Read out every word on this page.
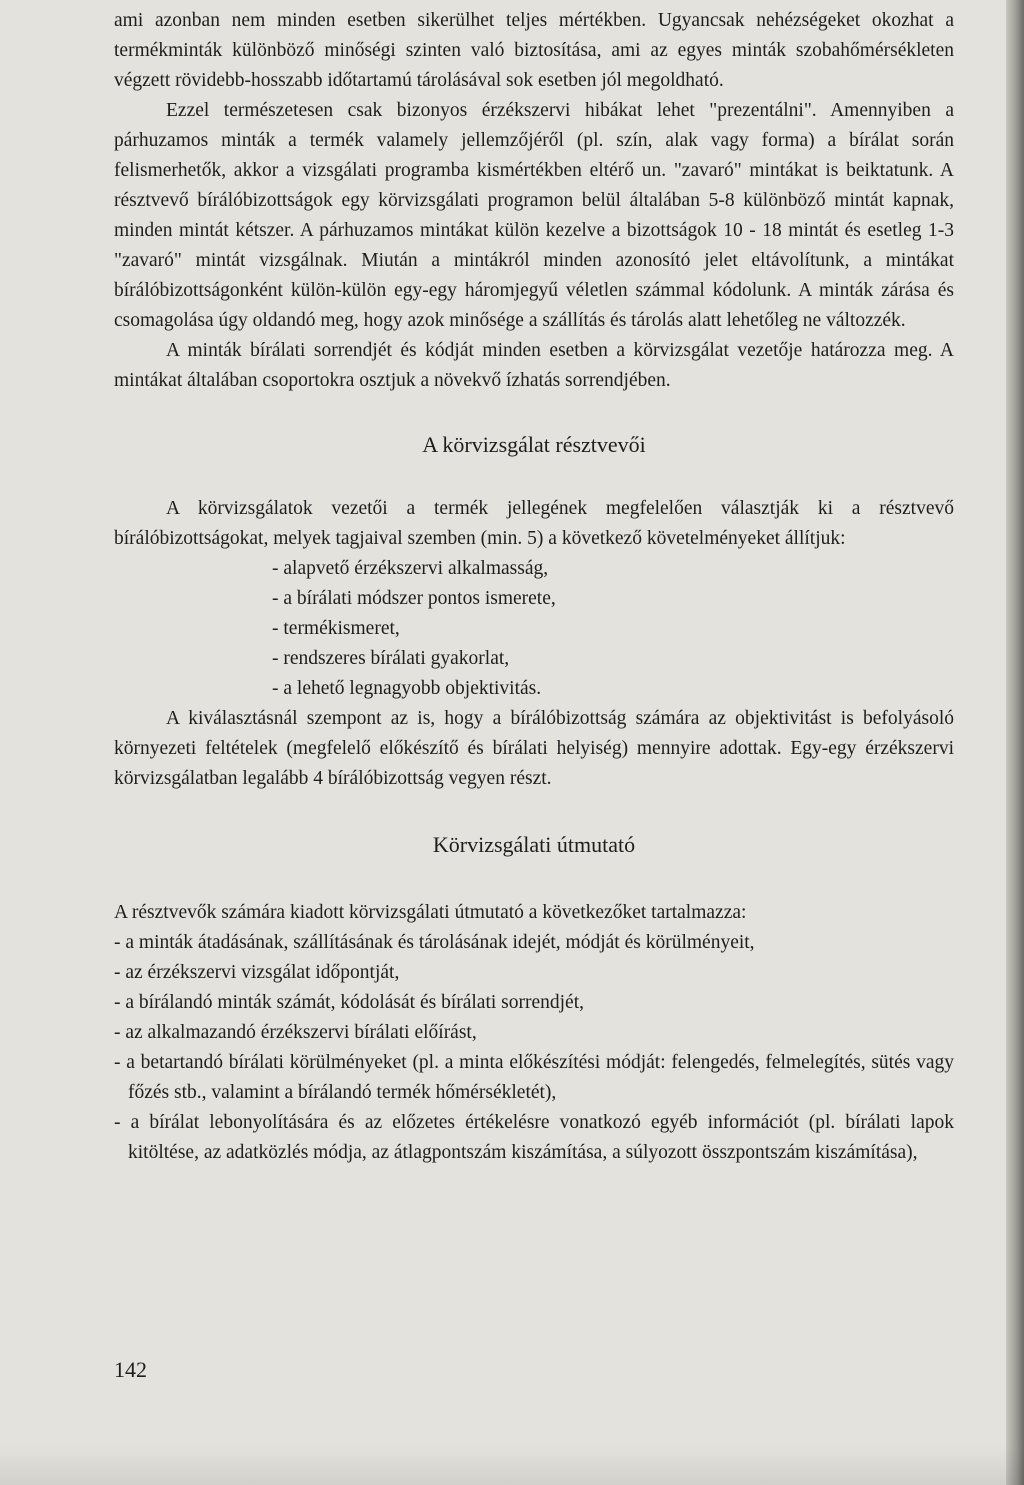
ami azonban nem minden esetben sikerülhet teljes mértékben. Ugyancsak nehézségeket okozhat a termékminták különböző minőségi szinten való biztosítása, ami az egyes minták szobahőmérsékleten végzett rövidebb-hosszabb időtartamú tárolásával sok esetben jól megoldható.

Ezzel természetesen csak bizonyos érzékszervi hibákat lehet "prezentálni". Amennyiben a párhuzamos minták a termék valamely jellemzőjéről (pl. szín, alak vagy forma) a bírálat során felismerhetők, akkor a vizsgálati programba kismértékben eltérő un. "zavaró" mintákat is beiktatunk. A résztvevő bírálóbizottságok egy körvizsgálati programon belül általában 5-8 különböző mintát kapnak, minden mintát kétszer. A párhuzamos mintákat külön kezelve a bizottságok 10 - 18 mintát és esetleg 1-3 "zavaró" mintát vizsgálnak. Miután a mintákról minden azonosító jelet eltávolítunk, a mintákat bírálóbizottságonként külön-külön egy-egy háromjegyű véletlen számmal kódolunk. A minták zárása és csomagolása úgy oldandó meg, hogy azok minősége a szállítás és tárolás alatt lehetőleg ne változzék.

A minták bírálati sorrendjét és kódját minden esetben a körvizsgálat vezetője határozza meg. A mintákat általában csoportokra osztjuk a növekvő ízhatás sorrendjében.

A körvizsgálat résztvevői

A körvizsgálatok vezetői a termék jellegének megfelelően választják ki a résztvevő bírálóbizottságokat, melyek tagjaival szemben (min. 5) a következő követelményeket állítjuk:

- alapvető érzékszervi alkalmasság,
- a bírálati módszer pontos ismerete,
- termékismeret,
- rendszeres bírálati gyakorlat,
- a lehető legnagyobb objektivitás.

A kiválasztásnál szempont az is, hogy a bírálóbizottság számára az objektivitást is befolyásoló környezeti feltételek (megfelelő előkészítő és bírálati helyiség) mennyire adottak. Egy-egy érzékszervi körvizsgálatban legalább 4 bírálóbizottság vegyen részt.

Körvizsgálati útmutató

A résztvevők számára kiadott körvizsgálati útmutató a következőket tartalmazza:

- a minták átadásának, szállításának és tárolásának idejét, módját és körülményeit,
- az érzékszervi vizsgálat időpontját,
- a bírálandó minták számát, kódolását és bírálati sorrendjét,
- az alkalmazandó érzékszervi bírálati előírást,
- a betartandó bírálati körülményeket (pl. a minta előkészítési módját: felengedés, felmelegítés, sütés vagy főzés stb., valamint a bírálandó termék hőmérsékletét),
- a bírálat lebonyolítására és az előzetes értékelésre vonatkozó egyéb információt (pl. bírálati lapok kitöltése, az adatközlés módja, az átlagpontszám kiszámítása, a súlyozott összpontszám kiszámítása),
142
